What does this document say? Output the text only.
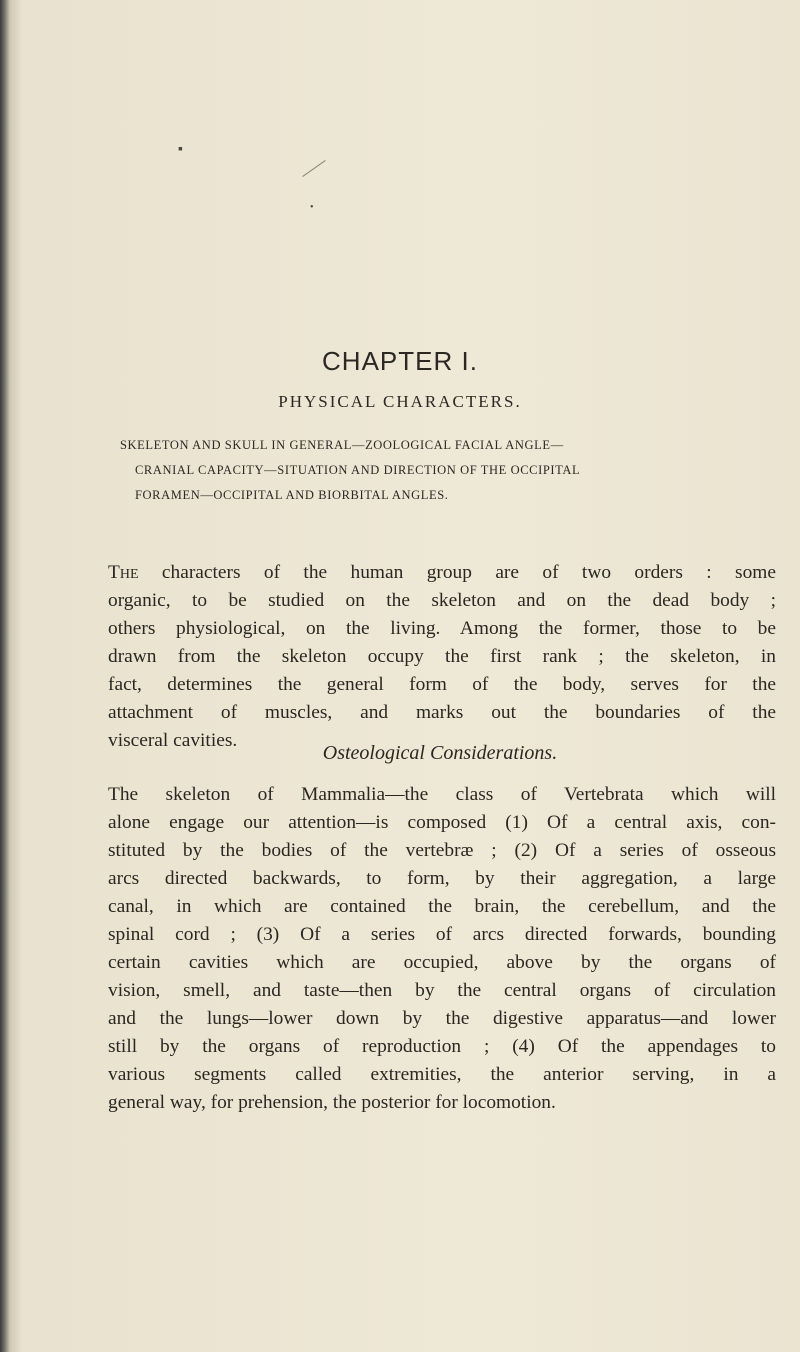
▪
•
CHAPTER I.
PHYSICAL CHARACTERS.
SKELETON AND SKULL IN GENERAL—ZOOLOGICAL FACIAL ANGLE—
CRANIAL CAPACITY—SITUATION AND DIRECTION OF THE OCCIPITAL
FORAMEN—OCCIPITAL AND BIORBITAL ANGLES.
The characters of the human group are of two orders : some
organic, to be studied on the skeleton and on the dead body ;
others physiological, on the living. Among the former, those to be
drawn from the skeleton occupy the first rank ; the skeleton, in
fact, determines the general form of the body, serves for the
attachment of muscles, and marks out the boundaries of the
visceral cavities.
Osteological Considerations.
The skeleton of Mammalia—the class of Vertebrata which will
alone engage our attention—is composed (1) Of a central axis, con-
stituted by the bodies of the vertebræ ; (2) Of a series of osseous
arcs directed backwards, to form, by their aggregation, a large
canal, in which are contained the brain, the cerebellum, and the
spinal cord ; (3) Of a series of arcs directed forwards, bounding
certain cavities which are occupied, above by the organs of
vision, smell, and taste—then by the central organs of circulation
and the lungs—lower down by the digestive apparatus—and lower
still by the organs of reproduction ; (4) Of the appendages to
various segments called extremities, the anterior serving, in a
general way, for prehension, the posterior for locomotion.
